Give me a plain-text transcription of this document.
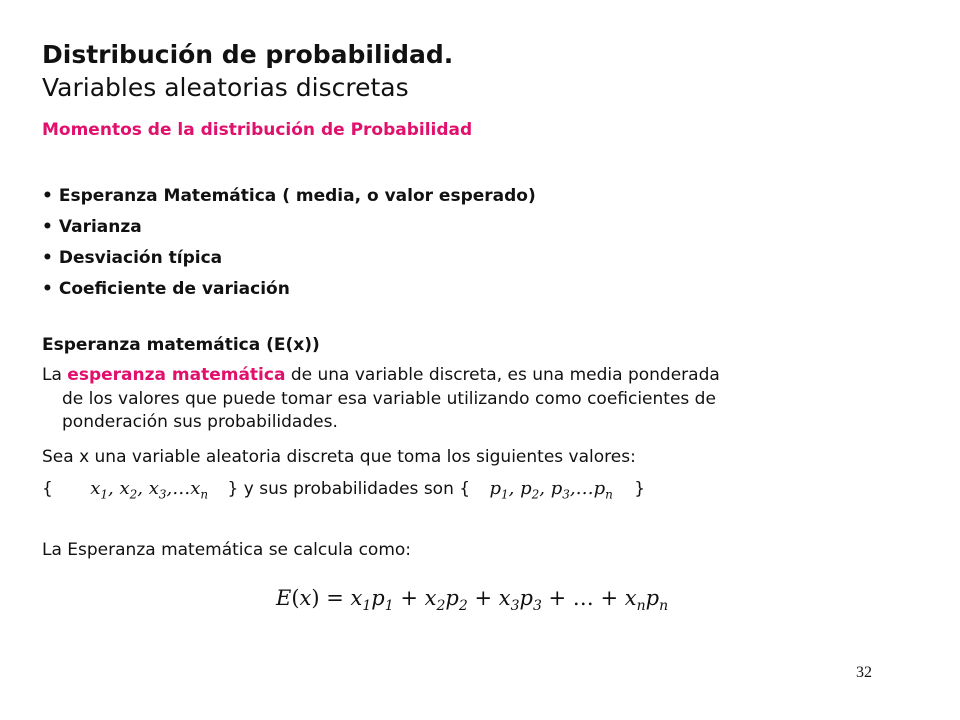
Distribución de probabilidad.
Variables aleatorias discretas
Momentos de la distribución de Probabilidad
• Esperanza Matemática ( media, o valor esperado)
• Varianza
• Desviación típica
• Coeficiente de variación
Esperanza matemática (E(x))
La esperanza matemática de una variable discreta, es una media ponderada
de los valores que puede tomar esa variable utilizando como coeficientes de
ponderación sus probabilidades.
Sea x una variable aleatoria discreta que toma los siguientes valores:
{ $x_1$, $x_2$, $x_3,\dots x_n$ } y sus probabilidades son { $p_1$, $p_2$, $p_3,\dots p_n$ }
La Esperanza matemática se calcula como:
$E(x) = x_1p_1 + x_2p_2 + x_3p_3$ + … + $x_np_n$
32
